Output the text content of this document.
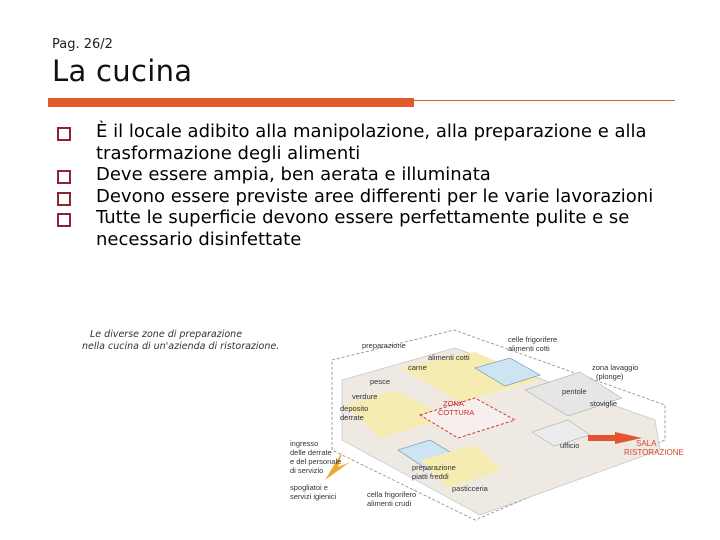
Pag. 26/2
La cucina
È il locale adibito alla manipolazione, alla preparazione e alla trasformazione degli alimenti
Deve essere ampia, ben aerata e illuminata
Devono essere previste aree differenti per le varie lavorazioni
Tutte le superficie devono essere perfettamente pulite e se necessario disinfettate
Le diverse zone di preparazione
nella cucina di un'azienda di ristorazione.	preparazione
alimenti cotti
celle frigorifere
alimenti cotti
zona lavaggio
(plonge)
carne
pesce
verdure
pentole
stoviglie
deposito
derrate
ingresso
delle derrate
e del personale
di servizio
ufficio
preparazione
piatti freddi
pasticceria
spogliatoi e
servizi igienici	cella frigorifero
alimenti crudi
ZONA
COTTURA
SALA
RISTORAZIONE
